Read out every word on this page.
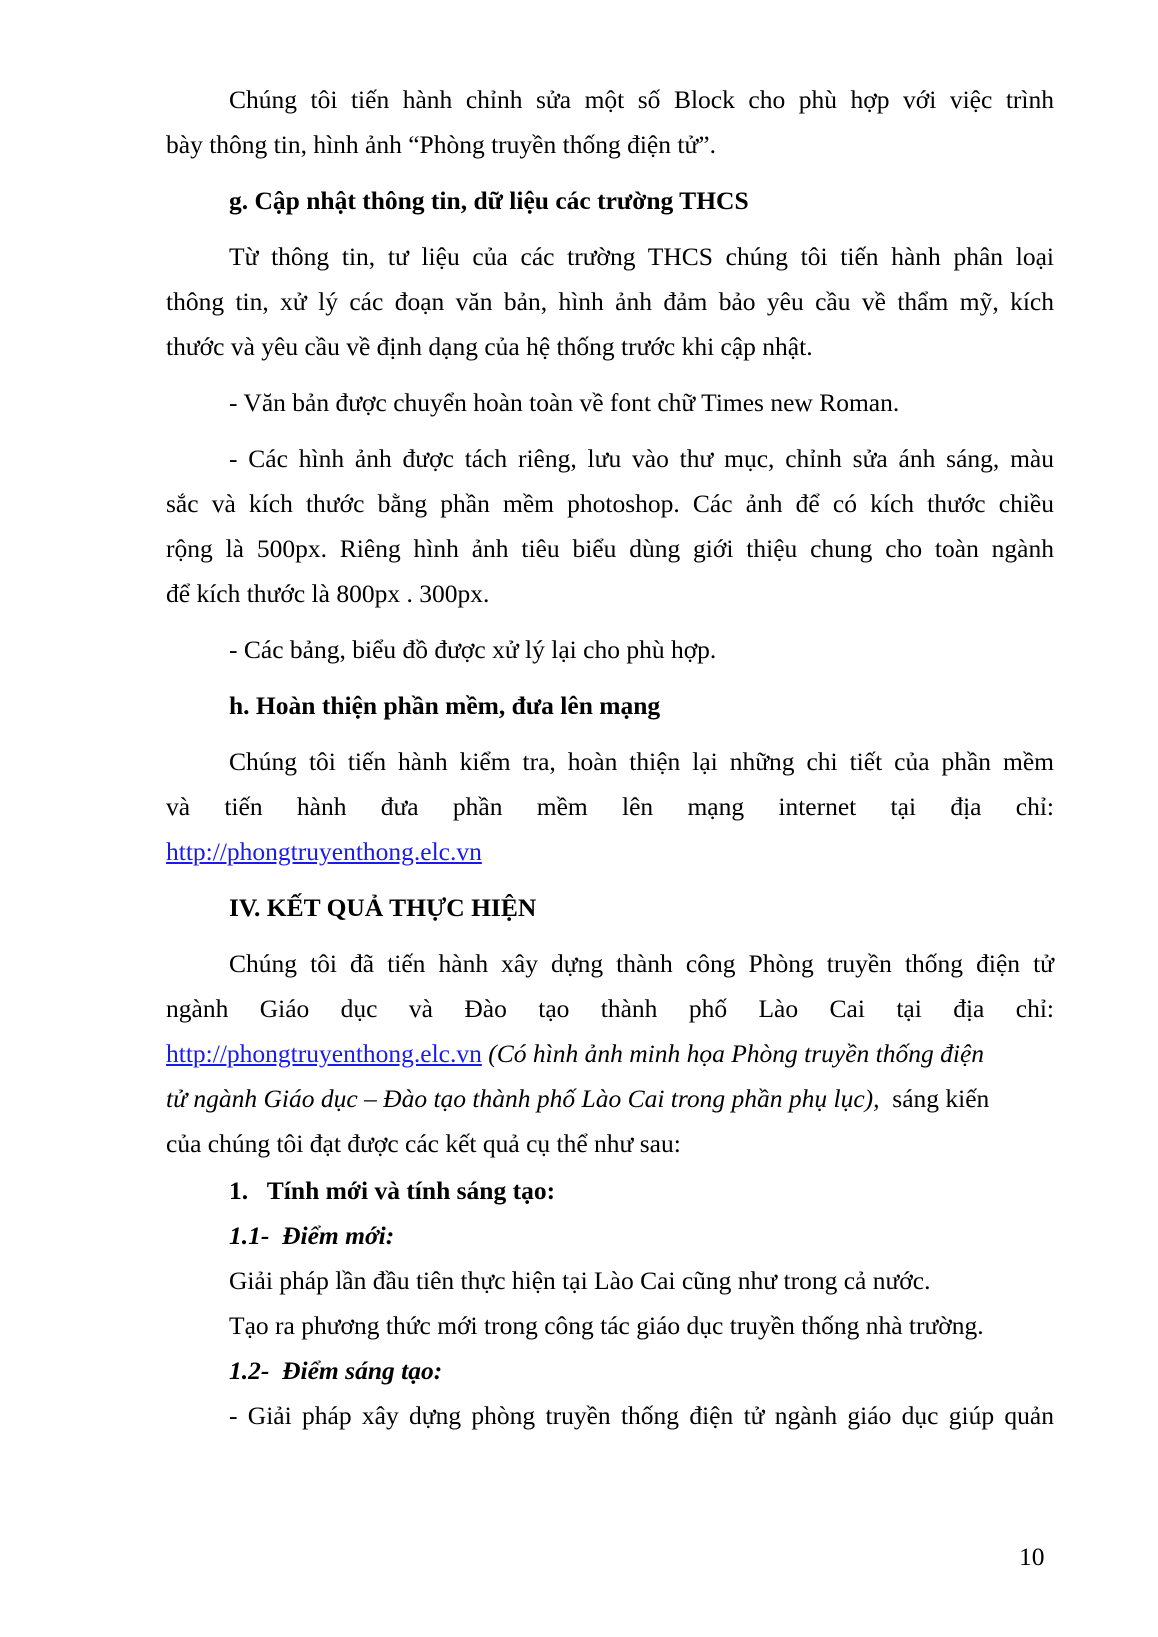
Chúng tôi tiến hành chỉnh sửa một số Block cho phù hợp với việc trình
bày thông tin, hình ảnh “Phòng truyền thống điện tử”.
g. Cập nhật thông tin, dữ liệu các trường THCS
Từ thông tin, tư liệu của các trường THCS chúng tôi tiến hành phân loại
thông tin, xử lý các đoạn văn bản, hình ảnh đảm bảo yêu cầu về thẩm mỹ, kích
thước và yêu cầu về định dạng của hệ thống trước khi cập nhật.
- Văn bản được chuyển hoàn toàn về font chữ Times new Roman.
- Các hình ảnh được tách riêng, lưu vào thư mục, chỉnh sửa ánh sáng, màu
sắc và kích thước bằng phần mềm photoshop. Các ảnh để có kích thước chiều
rộng là 500px. Riêng hình ảnh tiêu biểu dùng giới thiệu chung cho toàn ngành
để kích thước là 800px . 300px.
- Các bảng, biểu đồ được xử lý lại cho phù hợp.
h. Hoàn thiện phần mềm, đưa lên mạng
Chúng tôi tiến hành kiểm tra, hoàn thiện lại những chi tiết của phần mềm
và tiến hành đưa phần mềm lên mạng internet tại địa chỉ:
http://phongtruyenthong.elc.vn
IV. KẾT QUẢ THỰC HIỆN
Chúng tôi đã tiến hành xây dựng thành công Phòng truyền thống điện tử
ngành Giáo dục và Đào tạo thành phố Lào Cai tại địa chỉ:
http://phongtruyenthong.elc.vn (Có hình ảnh minh họa Phòng truyền thống điện
tử ngành Giáo dục – Đào tạo thành phố Lào Cai trong phần phụ lục),  sáng kiến
của chúng tôi đạt được các kết quả cụ thể như sau:
1.   Tính mới và tính sáng tạo:
1.1-  Điểm mới:
Giải pháp lần đầu tiên thực hiện tại Lào Cai cũng như trong cả nước.
Tạo ra phương thức mới trong công tác giáo dục truyền thống nhà trường.
1.2-  Điểm sáng tạo:
- Giải pháp xây dựng phòng truyền thống điện tử ngành giáo dục giúp quản
10
